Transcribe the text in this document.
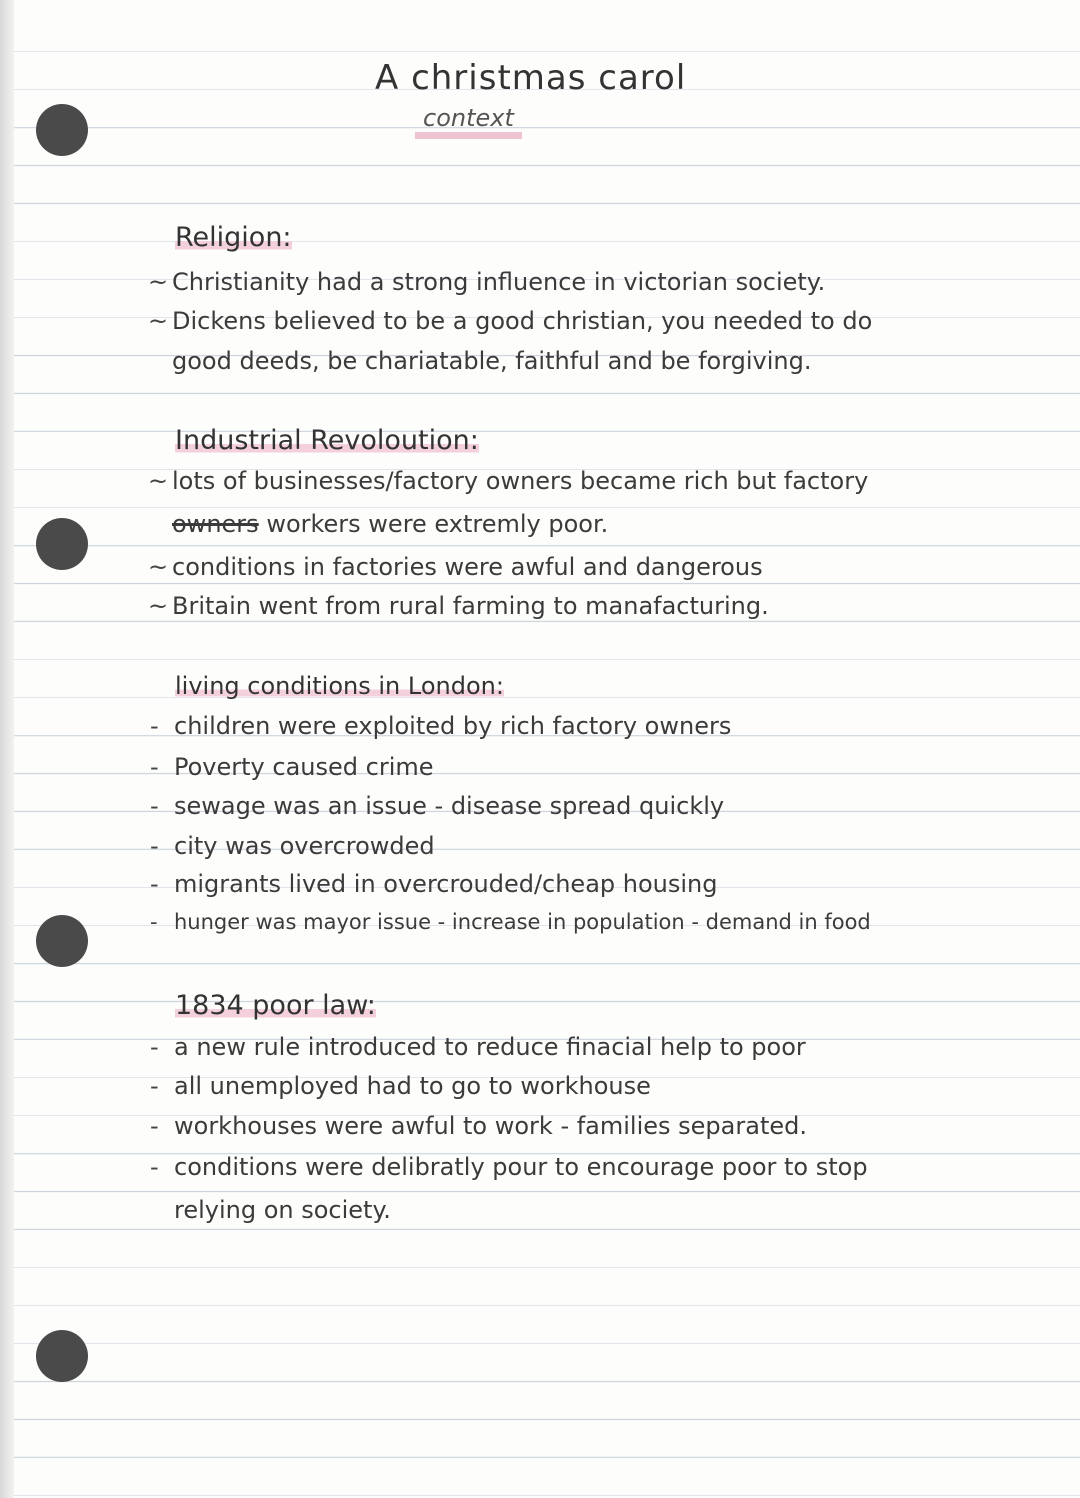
A christmas carol
context
Religion:
~ Christianity had a strong influence in victorian society.
~ Dickens believed to be a good christian, you needed to do
good deeds, be chariatable, faithful and be forgiving.
Industrial Revoloution:
~ lots of businesses/factory owners became rich but factory
owners workers were extremly poor.
~ conditions in factories were awful and dangerous
~ Britain went from rural farming to manafacturing.
living conditions in London:
- children were exploited by rich factory owners
- Poverty caused crime
- sewage was an issue - disease spread quickly
- city was overcrowded
- migrants lived in overcrouded/cheap housing
- hunger was mayor issue - increase in population - demand in food
1834 poor law:
- a new rule introduced to reduce finacial help to poor
- all unemployed had to go to workhouse
- workhouses were awful to work - families separated.
- conditions were delibratly pour to encourage poor to stop
relying on society.
